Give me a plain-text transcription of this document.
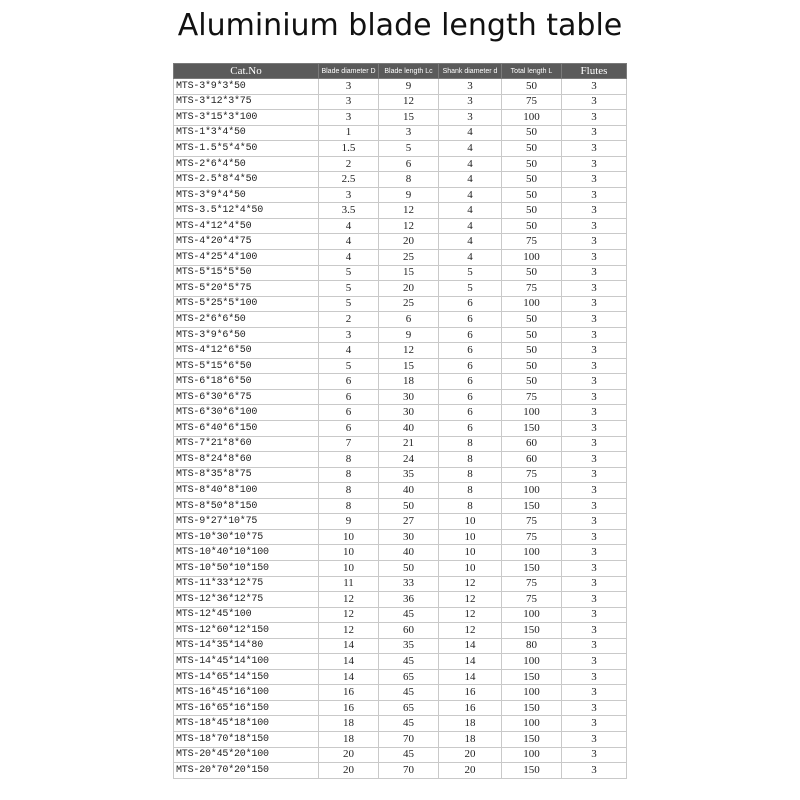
Aluminium blade length table
Cat.No	Blade diameter D	Blade length Lc	Shank diameter d	Total length L	Flutes
MTS-3*9*3*50	3	9	3	50	3
MTS-3*12*3*75	3	12	3	75	3
MTS-3*15*3*100	3	15	3	100	3
MTS-1*3*4*50	1	3	4	50	3
MTS-1.5*5*4*50	1.5	5	4	50	3
MTS-2*6*4*50	2	6	4	50	3
MTS-2.5*8*4*50	2.5	8	4	50	3
MTS-3*9*4*50	3	9	4	50	3
MTS-3.5*12*4*50	3.5	12	4	50	3
MTS-4*12*4*50	4	12	4	50	3
MTS-4*20*4*75	4	20	4	75	3
MTS-4*25*4*100	4	25	4	100	3
MTS-5*15*5*50	5	15	5	50	3
MTS-5*20*5*75	5	20	5	75	3
MTS-5*25*5*100	5	25	6	100	3
MTS-2*6*6*50	2	6	6	50	3
MTS-3*9*6*50	3	9	6	50	3
MTS-4*12*6*50	4	12	6	50	3
MTS-5*15*6*50	5	15	6	50	3
MTS-6*18*6*50	6	18	6	50	3
MTS-6*30*6*75	6	30	6	75	3
MTS-6*30*6*100	6	30	6	100	3
MTS-6*40*6*150	6	40	6	150	3
MTS-7*21*8*60	7	21	8	60	3
MTS-8*24*8*60	8	24	8	60	3
MTS-8*35*8*75	8	35	8	75	3
MTS-8*40*8*100	8	40	8	100	3
MTS-8*50*8*150	8	50	8	150	3
MTS-9*27*10*75	9	27	10	75	3
MTS-10*30*10*75	10	30	10	75	3
MTS-10*40*10*100	10	40	10	100	3
MTS-10*50*10*150	10	50	10	150	3
MTS-11*33*12*75	11	33	12	75	3
MTS-12*36*12*75	12	36	12	75	3
MTS-12*45*100	12	45	12	100	3
MTS-12*60*12*150	12	60	12	150	3
MTS-14*35*14*80	14	35	14	80	3
MTS-14*45*14*100	14	45	14	100	3
MTS-14*65*14*150	14	65	14	150	3
MTS-16*45*16*100	16	45	16	100	3
MTS-16*65*16*150	16	65	16	150	3
MTS-18*45*18*100	18	45	18	100	3
MTS-18*70*18*150	18	70	18	150	3
MTS-20*45*20*100	20	45	20	100	3
MTS-20*70*20*150	20	70	20	150	3
